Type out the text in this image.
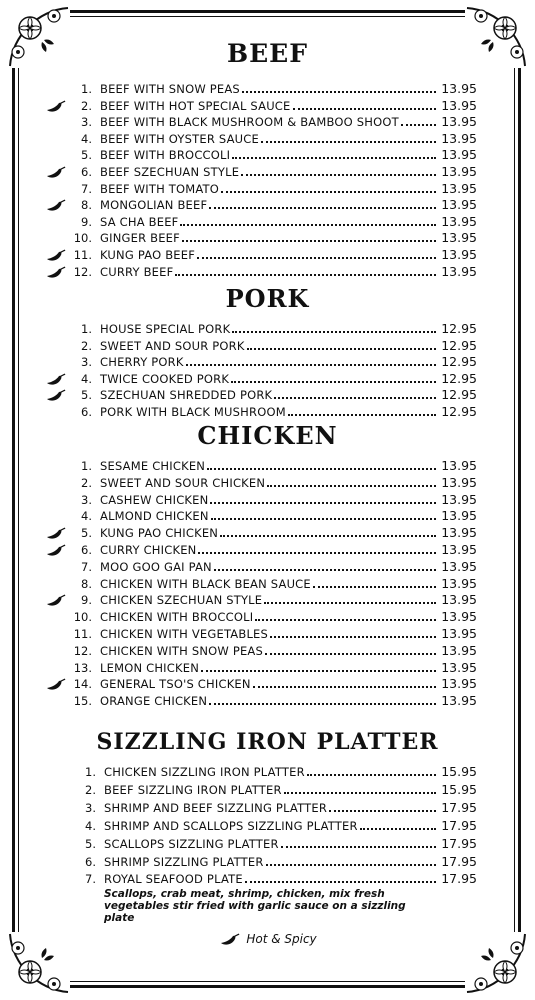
BEEF
1. BEEF WITH SNOW PEAS	13.95
2. BEEF WITH HOT SPECIAL SAUCE	13.95
3. BEEF WITH BLACK MUSHROOM & BAMBOO SHOOT	13.95
4. BEEF WITH OYSTER SAUCE	13.95
5. BEEF WITH BROCCOLI	13.95
6. BEEF SZECHUAN STYLE	13.95
7. BEEF WITH TOMATO	13.95
8. MONGOLIAN BEEF	13.95
9. SA CHA BEEF	13.95
10. GINGER BEEF	13.95
11. KUNG PAO BEEF	13.95
12. CURRY BEEF	13.95
PORK
1. HOUSE SPECIAL PORK	12.95
2. SWEET AND SOUR PORK	12.95
3. CHERRY PORK	12.95
4. TWICE COOKED PORK	12.95
5. SZECHUAN SHREDDED PORK	12.95
6. PORK WITH BLACK MUSHROOM	12.95
CHICKEN
1. SESAME CHICKEN	13.95
2. SWEET AND SOUR CHICKEN	13.95
3. CASHEW CHICKEN	13.95
4. ALMOND CHICKEN	13.95
5. KUNG PAO CHICKEN	13.95
6. CURRY CHICKEN	13.95
7. MOO GOO GAI PAN	13.95
8. CHICKEN WITH BLACK BEAN SAUCE	13.95
9. CHICKEN SZECHUAN STYLE	13.95
10. CHICKEN WITH BROCCOLI	13.95
11. CHICKEN WITH VEGETABLES	13.95
12. CHICKEN WITH SNOW PEAS	13.95
13. LEMON CHICKEN	13.95
14. GENERAL TSO'S CHICKEN	13.95
15. ORANGE CHICKEN	13.95
SIZZLING IRON PLATTER
1. CHICKEN SIZZLING IRON PLATTER	15.95
2. BEEF SIZZLING IRON PLATTER	15.95
3. SHRIMP AND BEEF SIZZLING PLATTER	17.95
4. SHRIMP AND SCALLOPS SIZZLING PLATTER	17.95
5. SCALLOPS SIZZLING PLATTER	17.95
6. SHRIMP SIZZLING PLATTER	17.95
7. ROYAL SEAFOOD PLATE	17.95
Scallops, crab meat, shrimp, chicken, mix fresh vegetables stir fried with garlic sauce on a sizzling plate
Hot & Spicy
